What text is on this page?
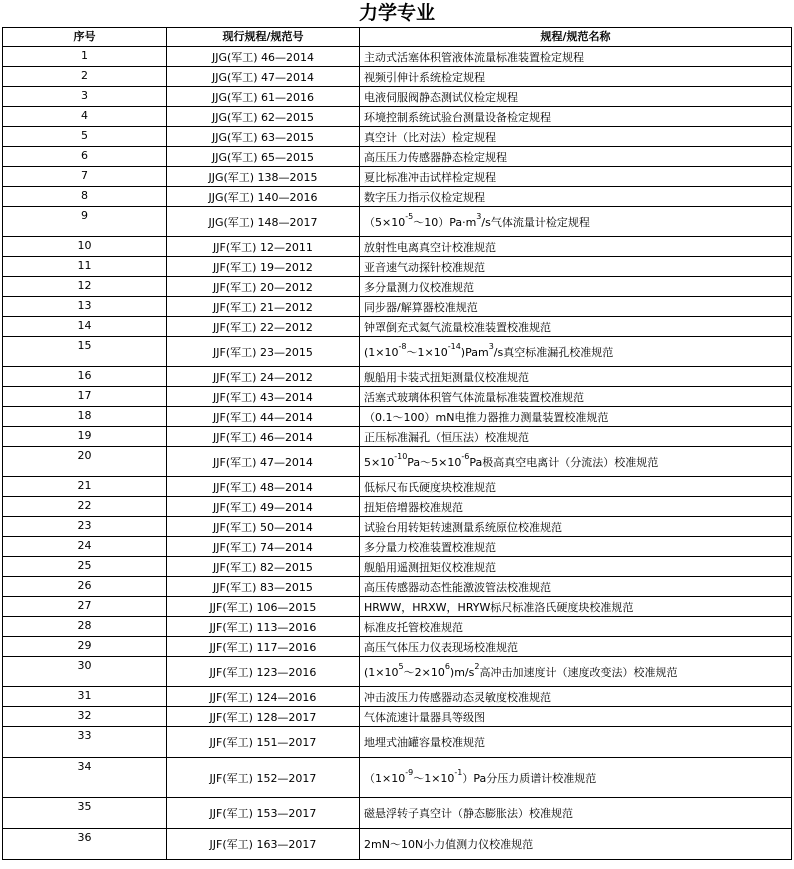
力学专业
序号	现行规程/规范号	规程/规范名称
1	JJG(军工) 46—2014	主动式活塞体积管液体流量标准装置检定规程
2	JJG(军工) 47—2014	视频引伸计系统检定规程
3	JJG(军工) 61—2016	电液伺服阀静态测试仪检定规程
4	JJG(军工) 62—2015	环境控制系统试验台测量设备检定规程
5	JJG(军工) 63—2015	真空计（比对法）检定规程
6	JJG(军工) 65—2015	高压压力传感器静态检定规程
7	JJG(军工) 138—2015	夏比标准冲击试样检定规程
8	JJG(军工) 140—2016	数字压力指示仪检定规程
9	JJG(军工) 148—2017	$(5\times 10^{-5}\sim 10)Pa\cdot m^3/s$气体流量计检定规程
10	JJF(军工) 12—2011	放射性电离真空计校准规范
11	JJF(军工) 19—2012	亚音速气动探针校准规范
12	JJF(军工) 20—2012	多分量测力仪校准规范
13	JJF(军工) 21—2012	同步器/解算器校准规范
14	JJF(军工) 22—2012	钟罩倒充式氦气流量校准装置校准规范
15	JJF(军工) 23—2015	$(1\times 10^{-8}\sim 1\times 10^{-14})Pam^3/s$真空标准漏孔校准规范
16	JJF(军工) 24—2012	舰船用卡装式扭矩测量仪校准规范
17	JJF(军工) 43—2014	活塞式玻璃体积管气体流量标准装置校准规范
18	JJF(军工) 44—2014	（0.1～100）mN电推力器推力测量装置校准规范
19	JJF(军工) 46—2014	正压标准漏孔（恒压法）校准规范
20	JJF(军工) 47—2014	$5\times 10^{-10}Pa\sim 5\times 10^{-6}Pa$极高真空电离计（分流法）校准规范
21	JJF(军工) 48—2014	低标尺布氏硬度块校准规范
22	JJF(军工) 49—2014	扭矩倍增器校准规范
23	JJF(军工) 50—2014	试验台用转矩转速测量系统原位校准规范
24	JJF(军工) 74—2014	多分量力校准装置校准规范
25	JJF(军工) 82—2015	舰船用遥测扭矩仪校准规范
26	JJF(军工) 83—2015	高压传感器动态性能激波管法校准规范
27	JJF(军工) 106—2015	HRWW，HRXW，HRYW标尺标准洛氏硬度块校准规范
28	JJF(军工) 113—2016	标准皮托管校准规范
29	JJF(军工) 117—2016	高压气体压力仪表现场校准规范
30	JJF(军工) 123—2016	$(1\times 10^5\sim 2\times 10^6)m/s^2$高冲击加速度计（速度改变法）校准规范
31	JJF(军工) 124—2016	冲击波压力传感器动态灵敏度校准规范
32	JJF(军工) 128—2017	气体流速计量器具等级图
33	JJF(军工) 151—2017	地埋式油罐容量校准规范
34	JJF(军工) 152—2017	$(1\times 10^{-9}\sim 1\times 10^{-1})Pa$分压力质谱计校准规范
35	JJF(军工) 153—2017	磁悬浮转子真空计（静态膨胀法）校准规范
36	JJF(军工) 163—2017	2mN～10N小力值测力仪校准规范
